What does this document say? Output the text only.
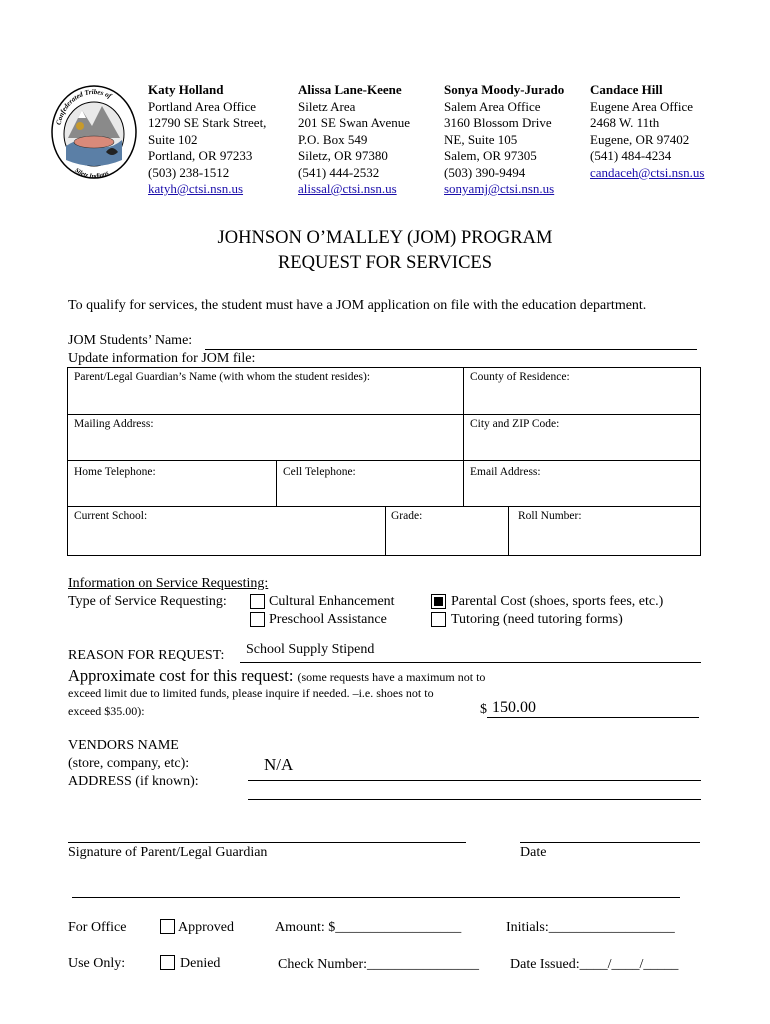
Confederated Tribes of
Siletz Indians
Katy Holland
Portland Area Office
12790 SE Stark Street,
Suite 102
Portland, OR 97233
(503) 238-1512
katyh@ctsi.nsn.us
Alissa Lane-Keene
Siletz Area
201 SE Swan Avenue
P.O. Box 549
Siletz, OR 97380
(541) 444-2532
alissal@ctsi.nsn.us
Sonya Moody-Jurado
Salem Area Office
3160 Blossom Drive
NE, Suite 105
Salem, OR 97305
(503) 390-9494
sonyamj@ctsi.nsn.us
Candace Hill
Eugene Area Office
2468 W. 11th
Eugene, OR 97402
(541) 484-4234
candaceh@ctsi.nsn.us
JOHNSON O’MALLEY (JOM) PROGRAM
REQUEST FOR SERVICES
To qualify for services, the student must have a JOM application on file with the education department.
JOM Students’ Name:
Update information for JOM file:
Parent/Legal Guardian’s Name (with whom the student resides):	County of Residence:
Mailing Address:	City and ZIP Code:
Home Telephone:	Cell Telephone:	Email Address:
Current School:	Grade:	Roll Number:
Information on Service Requesting:
Type of Service Requesting:	Cultural Enhancement
Preschool Assistance
Parental Cost (shoes, sports fees, etc.)
Tutoring (need tutoring forms)
REASON FOR REQUEST: School Supply Stipend
Approximate cost for this request: (some requests have a maximum not to
exceed limit due to limited funds, please inquire if needed. –i.e. shoes not to
exceed $35.00):	$ 150.00
VENDORS NAME
(store, company, etc):
ADDRESS (if known):
N/A
Signature of Parent/Legal Guardian	Date
For Office
Use Only:
Approved
Denied
Amount: $__________________	Initials:__________________
Check Number:________________ Date Issued:____/____/_____
